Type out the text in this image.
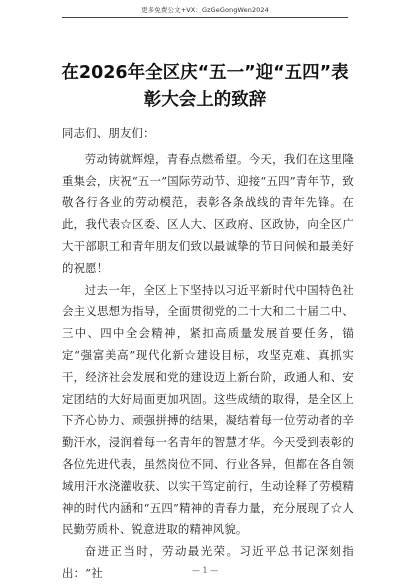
更多免费公文+VX：GzGeGongWen2024
在2026年全区庆“五一”迎“五四”表
彰大会上的致辞

同志们、朋友们：

劳动铸就辉煌，青春点燃希望。今天，我们在这里隆重集会，庆祝“五一”国际劳动节、迎接“五四”青年节，致敬各行各业的劳动模范，表彰各条战线的青年先锋。在此，我代表☆区委、区人大、区政府、区政协，向全区广大干部职工和青年朋友们致以最诚挚的节日问候和最美好的祝愿！

过去一年，全区上下坚持以习近平新时代中国特色社会主义思想为指导，全面贯彻党的二十大和二十届二中、三中、四中全会精神，紧扣高质量发展首要任务，锚定“强富美高”现代化新☆建设目标，攻坚克难、真抓实干，经济社会发展和党的建设迈上新台阶，政通人和、安定团结的大好局面更加巩固。这些成绩的取得，是全区上下齐心协力、顽强拼搏的结果，凝结着每一位劳动者的辛勤汗水，浸润着每一名青年的智慧才华。今天受到表彰的各位先进代表，虽然岗位不同、行业各异，但都在各自领域用汗水浇灌收获、以实干笃定前行，生动诠释了劳模精神的时代内涵和“五四”精神的青春力量，充分展现了☆人民勤劳质朴、锐意进取的精神风貌。

奋进正当时，劳动最光荣。习近平总书记深刻指出：“社	— 1 —
